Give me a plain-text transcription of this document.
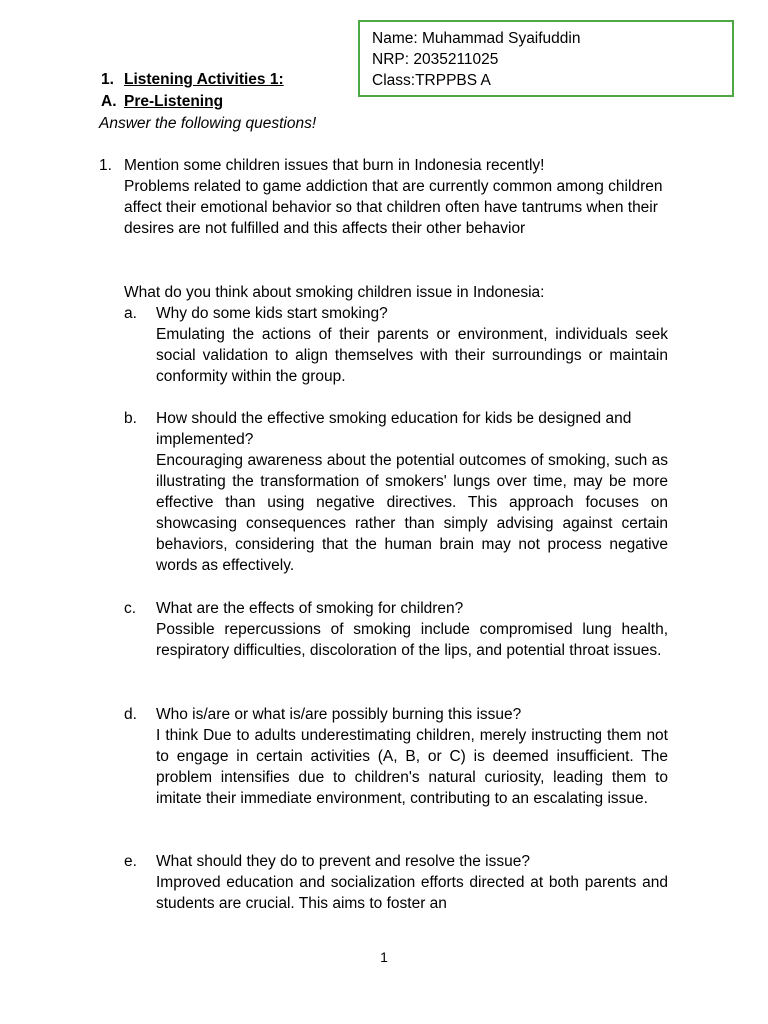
Name: Muhammad Syaifuddin
NRP: 2035211025
Class:TRPPBS A
1. Listening Activities 1:
A. Pre-Listening
Answer the following questions!
1. Mention some children issues that burn in Indonesia recently!
Problems related to game addiction that are currently common among children affect their emotional behavior so that children often have tantrums when their desires are not fulfilled and this affects their other behavior
What do you think about smoking children issue in Indonesia:
a. Why do some kids start smoking?
Emulating the actions of their parents or environment, individuals seek social validation to align themselves with their surroundings or maintain conformity within the group.
b. How should the effective smoking education for kids be designed and implemented?
Encouraging awareness about the potential outcomes of smoking, such as illustrating the transformation of smokers' lungs over time, may be more effective than using negative directives. This approach focuses on showcasing consequences rather than simply advising against certain behaviors, considering that the human brain may not process negative words as effectively.
c. What are the effects of smoking for children?
Possible repercussions of smoking include compromised lung health, respiratory difficulties, discoloration of the lips, and potential throat issues.
d. Who is/are or what is/are possibly burning this issue?
I think Due to adults underestimating children, merely instructing them not to engage in certain activities (A, B, or C) is deemed insufficient. The problem intensifies due to children's natural curiosity, leading them to imitate their immediate environment, contributing to an escalating issue.
e. What should they do to prevent and resolve the issue?
Improved education and socialization efforts directed at both parents and students are crucial. This aims to foster an
1
